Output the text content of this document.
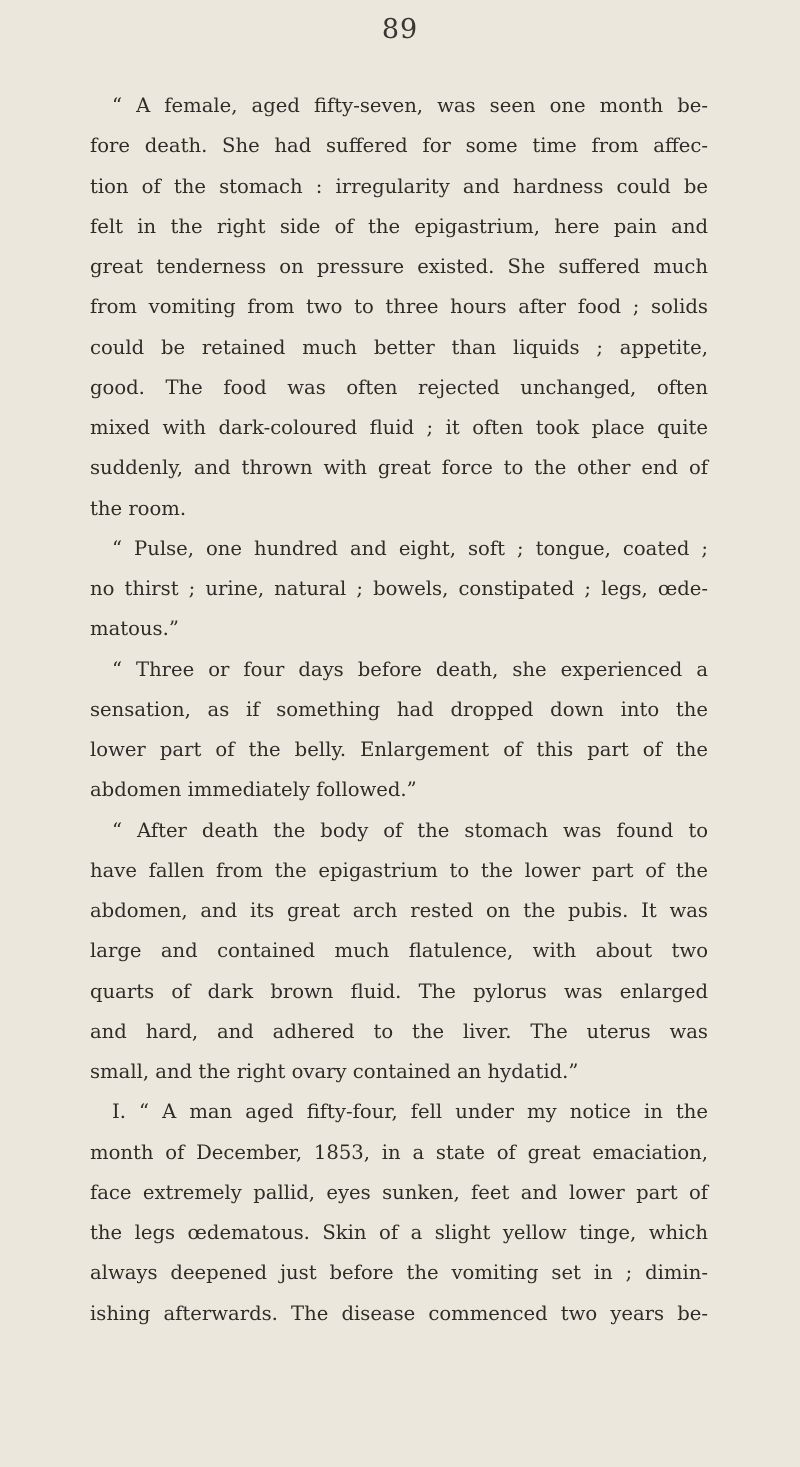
89
“ A female, aged fifty-seven, was seen one month be-
fore death. She had suffered for some time from affec-
tion of the stomach : irregularity and hardness could be
felt in the right side of the epigastrium, here pain and
great tenderness on pressure existed. She suffered much
from vomiting from two to three hours after food ; solids
could be retained much better than liquids ; appetite,
good. The food was often rejected unchanged, often
mixed with dark-coloured fluid ; it often took place quite
suddenly, and thrown with great force to the other end of
the room.
“ Pulse, one hundred and eight, soft ; tongue, coated ;
no thirst ; urine, natural ; bowels, constipated ; legs, œde-
matous.”
“ Three or four days before death, she experienced a
sensation, as if something had dropped down into the
lower part of the belly. Enlargement of this part of the
abdomen immediately followed.”
“ After death the body of the stomach was found to
have fallen from the epigastrium to the lower part of the
abdomen, and its great arch rested on the pubis. It was
large and contained much flatulence, with about two
quarts of dark brown fluid. The pylorus was enlarged
and hard, and adhered to the liver. The uterus was
small, and the right ovary contained an hydatid.”
I. “ A man aged fifty-four, fell under my notice in the
month of December, 1853, in a state of great emaciation,
face extremely pallid, eyes sunken, feet and lower part of
the legs œdematous. Skin of a slight yellow tinge, which
always deepened just before the vomiting set in ; dimin-
ishing afterwards. The disease commenced two years be-
